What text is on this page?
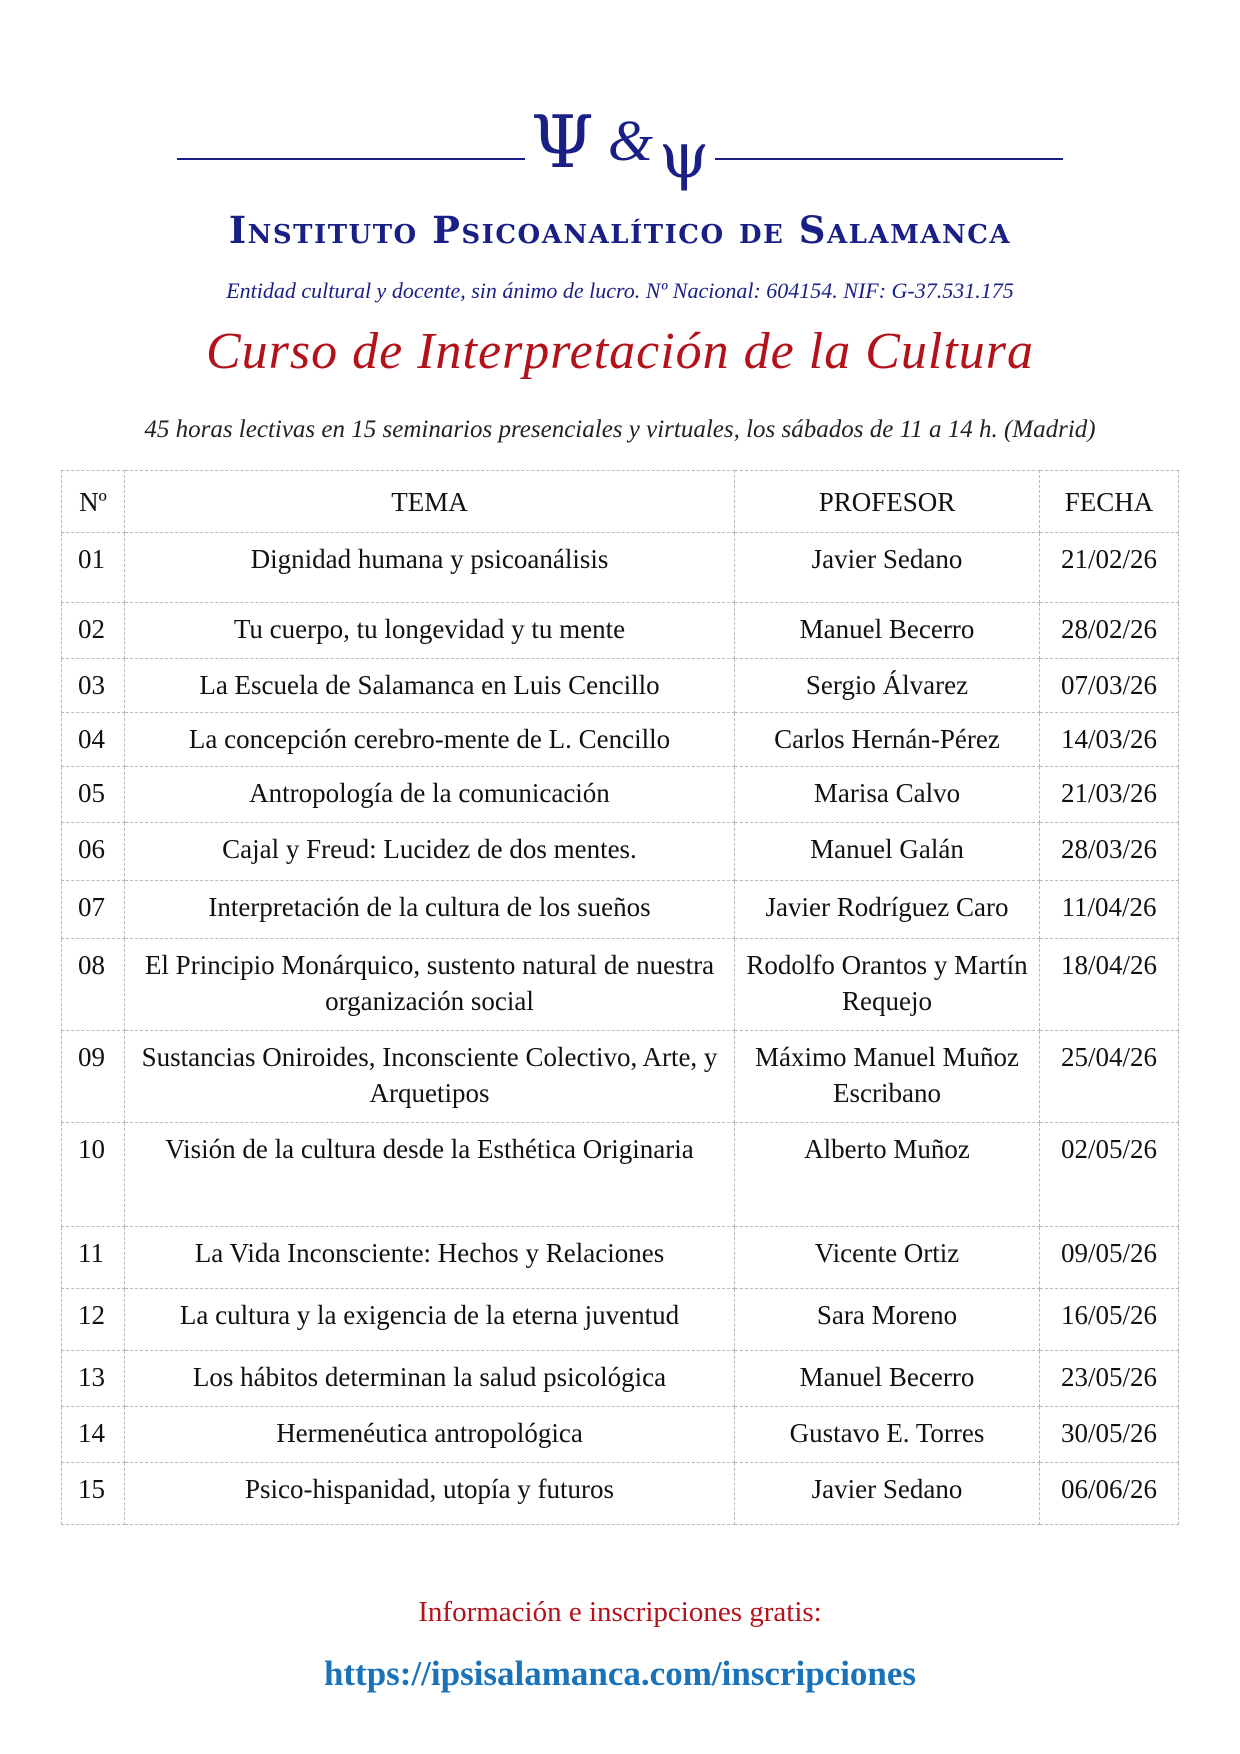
Ψ & ψ
Instituto Psicoanalítico de Salamanca
Entidad cultural y docente, sin ánimo de lucro. Nº Nacional: 604154. NIF: G-37.531.175
Curso de Interpretación de la Cultura
45 horas lectivas en 15 seminarios presenciales y virtuales, los sábados de 11 a 14 h. (Madrid)
Nº	TEMA	PROFESOR	FECHA
01	Dignidad humana y psicoanálisis	Javier Sedano	21/02/26
02	Tu cuerpo, tu longevidad y tu mente	Manuel Becerro	28/02/26
03	La Escuela de Salamanca en Luis Cencillo	Sergio Álvarez	07/03/26
04	La concepción cerebro-mente de L. Cencillo	Carlos Hernán-Pérez	14/03/26
05	Antropología de la comunicación	Marisa Calvo	21/03/26
06	Cajal y Freud: Lucidez de dos mentes.	Manuel Galán	28/03/26
07	Interpretación de la cultura de los sueños	Javier Rodríguez Caro	11/04/26
08	El Principio Monárquico, sustento natural de nuestra organización social	Rodolfo Orantos y Martín Requejo	18/04/26
09	Sustancias Oniroides, Inconsciente Colectivo, Arte, y Arquetipos	Máximo Manuel Muñoz Escribano	25/04/26
10	Visión de la cultura desde la Esthética Originaria	Alberto Muñoz	02/05/26
11	La Vida Inconsciente: Hechos y Relaciones	Vicente Ortiz	09/05/26
12	La cultura y la exigencia de la eterna juventud	Sara Moreno	16/05/26
13	Los hábitos determinan la salud psicológica	Manuel Becerro	23/05/26
14	Hermenéutica antropológica	Gustavo E. Torres	30/05/26
15	Psico-hispanidad, utopía y futuros	Javier Sedano	06/06/26
Información e inscripciones gratis:
https://ipsisalamanca.com/inscripciones
